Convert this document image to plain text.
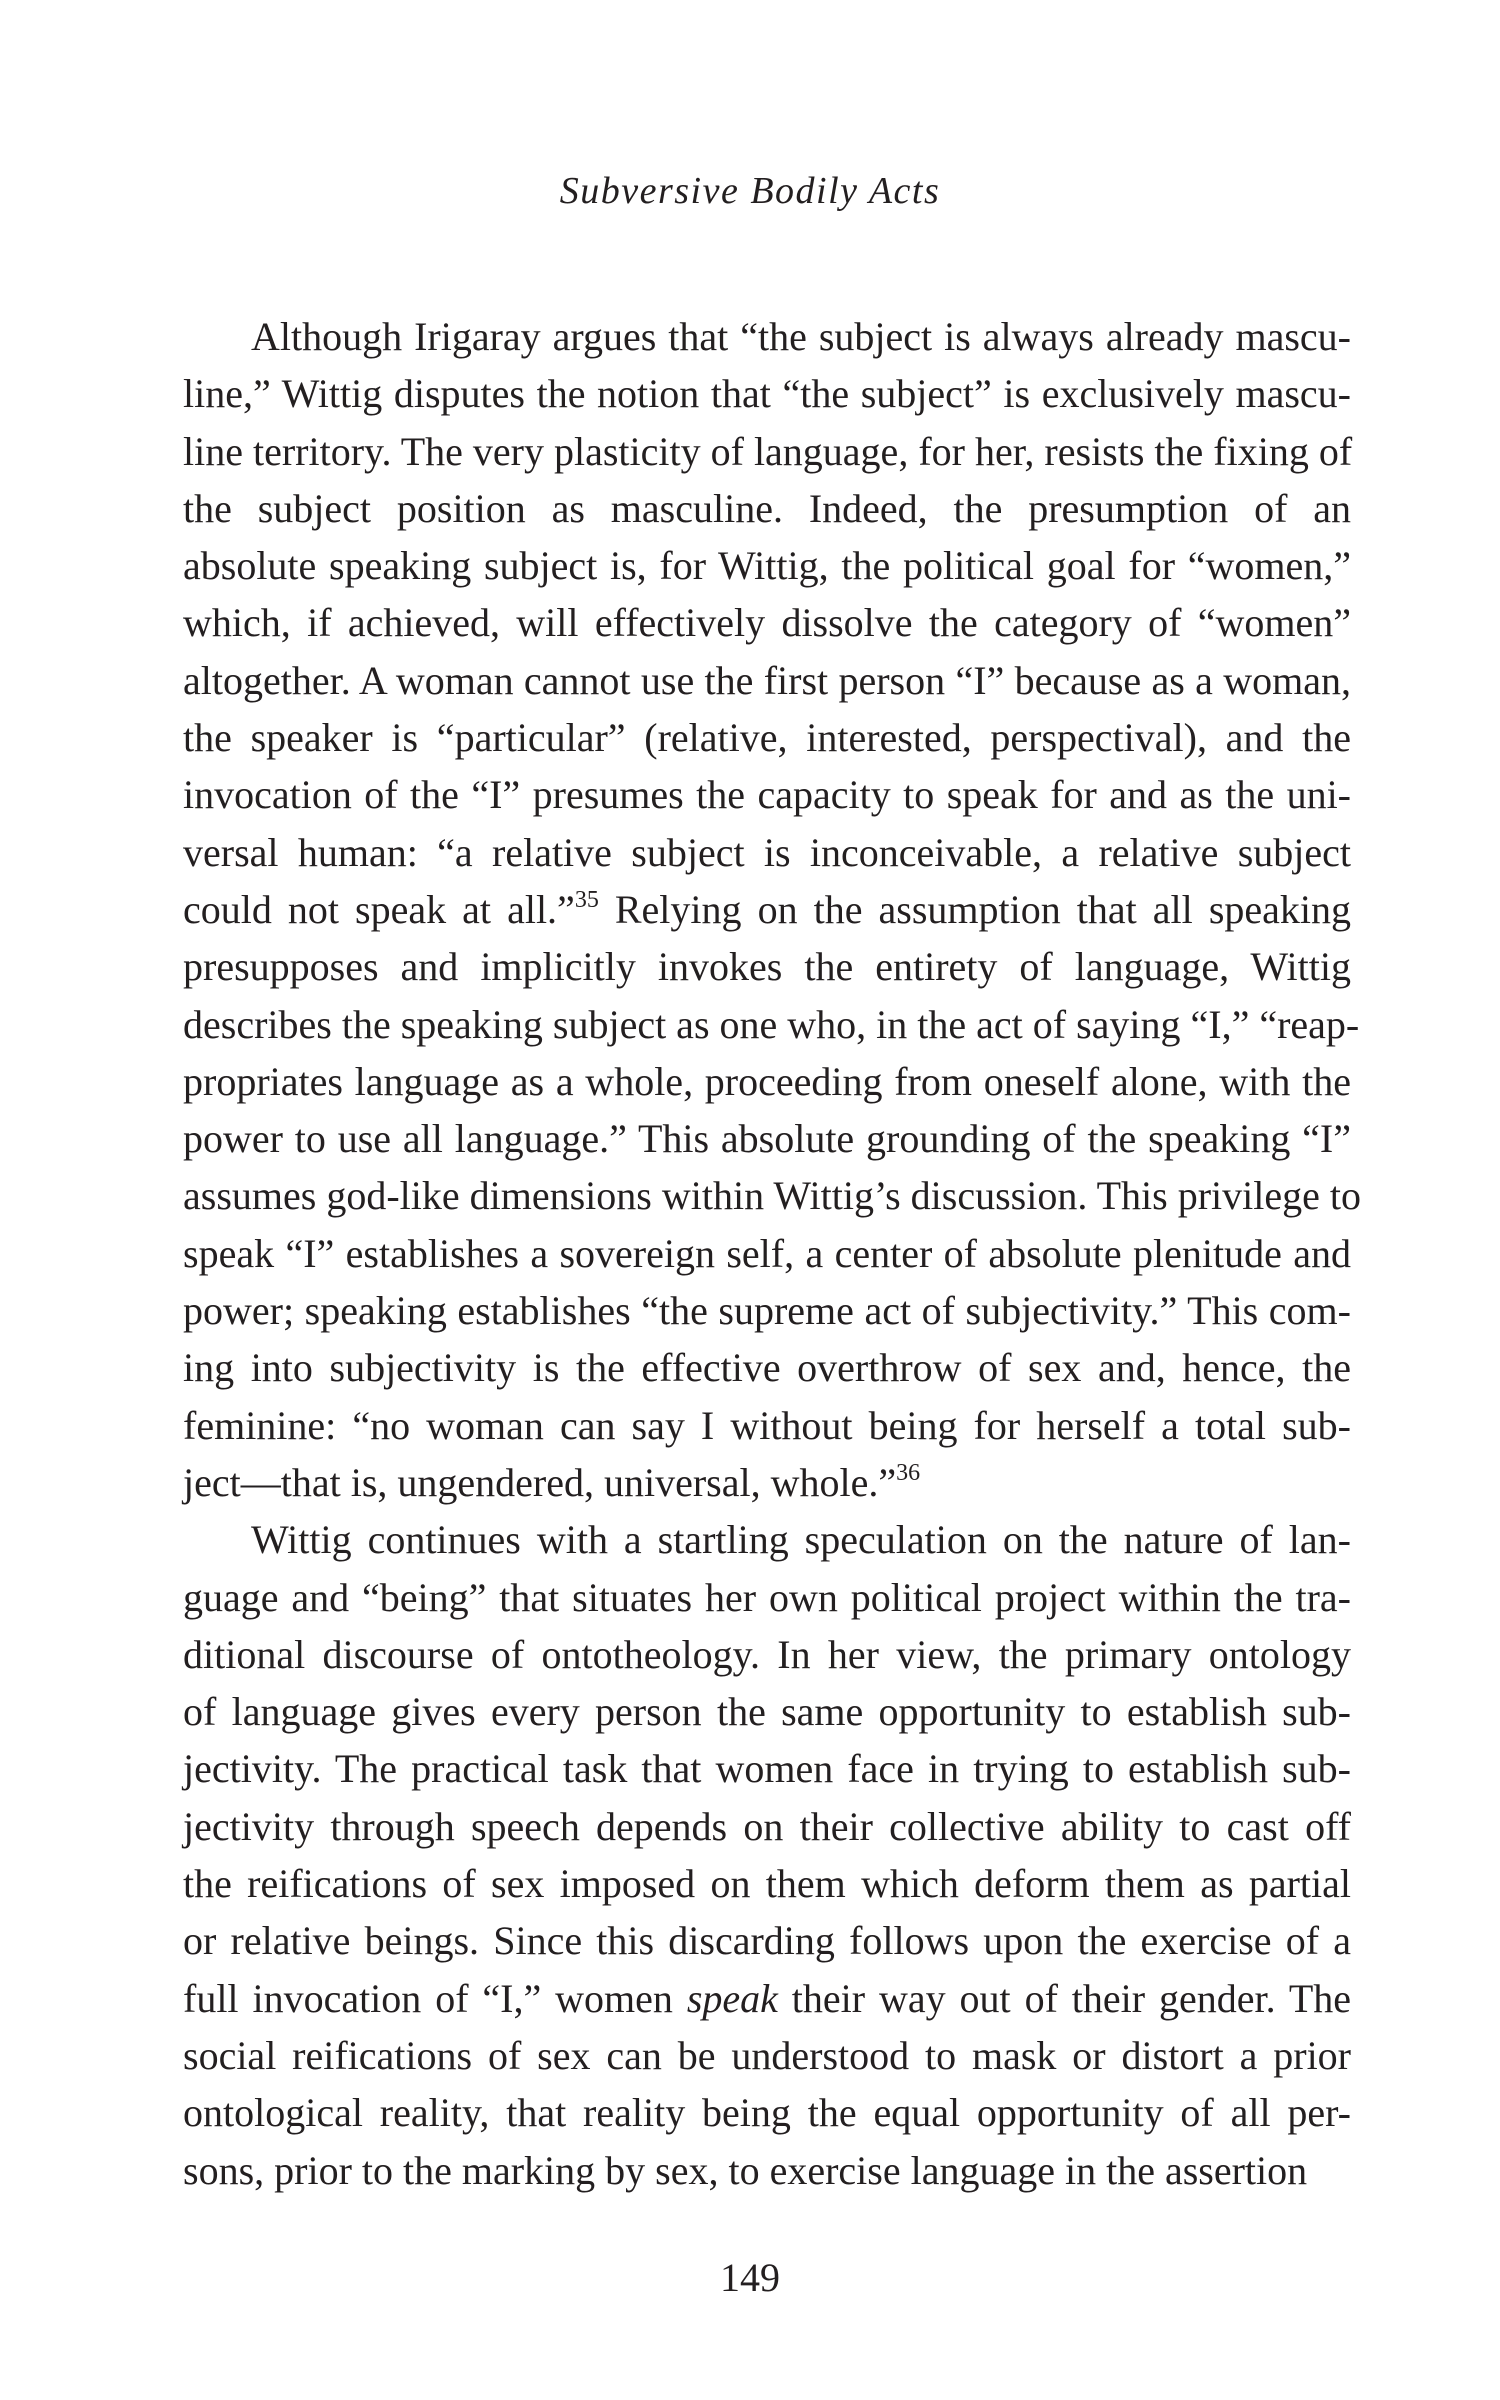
Subversive Bodily Acts
Although Irigaray argues that “the subject is always already mascu-
line,” Wittig disputes the notion that “the subject” is exclusively mascu-
line territory. The very plasticity of language, for her, resists the fixing of
the subject position as masculine. Indeed, the presumption of an
absolute speaking subject is, for Wittig, the political goal for “women,”
which, if achieved, will effectively dissolve the category of “women”
altogether. A woman cannot use the first person “I” because as a woman,
the speaker is “particular” (relative, interested, perspectival), and the
invocation of the “I” presumes the capacity to speak for and as the uni-
versal human: “a relative subject is inconceivable, a relative subject
could not speak at all.”$^{35}$ Relying on the assumption that all speaking
presupposes and implicitly invokes the entirety of language, Wittig
describes the speaking subject as one who, in the act of saying “I,” “reap-
propriates language as a whole, proceeding from oneself alone, with the
power to use all language.” This absolute grounding of the speaking “I”
assumes god-like dimensions within Wittig’s discussion. This privilege to
speak “I” establishes a sovereign self, a center of absolute plenitude and
power; speaking establishes “the supreme act of subjectivity.” This com-
ing into subjectivity is the effective overthrow of sex and, hence, the
feminine: “no woman can say I without being for herself a total sub-
ject—that is, ungendered, universal, whole.”$^{36}$
Wittig continues with a startling speculation on the nature of lan-
guage and “being” that situates her own political project within the tra-
ditional discourse of ontotheology. In her view, the primary ontology
of language gives every person the same opportunity to establish sub-
jectivity. The practical task that women face in trying to establish sub-
jectivity through speech depends on their collective ability to cast off
the reifications of sex imposed on them which deform them as partial
or relative beings. Since this discarding follows upon the exercise of a
full invocation of “I,” women speak their way out of their gender. The
social reifications of sex can be understood to mask or distort a prior
ontological reality, that reality being the equal opportunity of all per-
sons, prior to the marking by sex, to exercise language in the assertion
149
